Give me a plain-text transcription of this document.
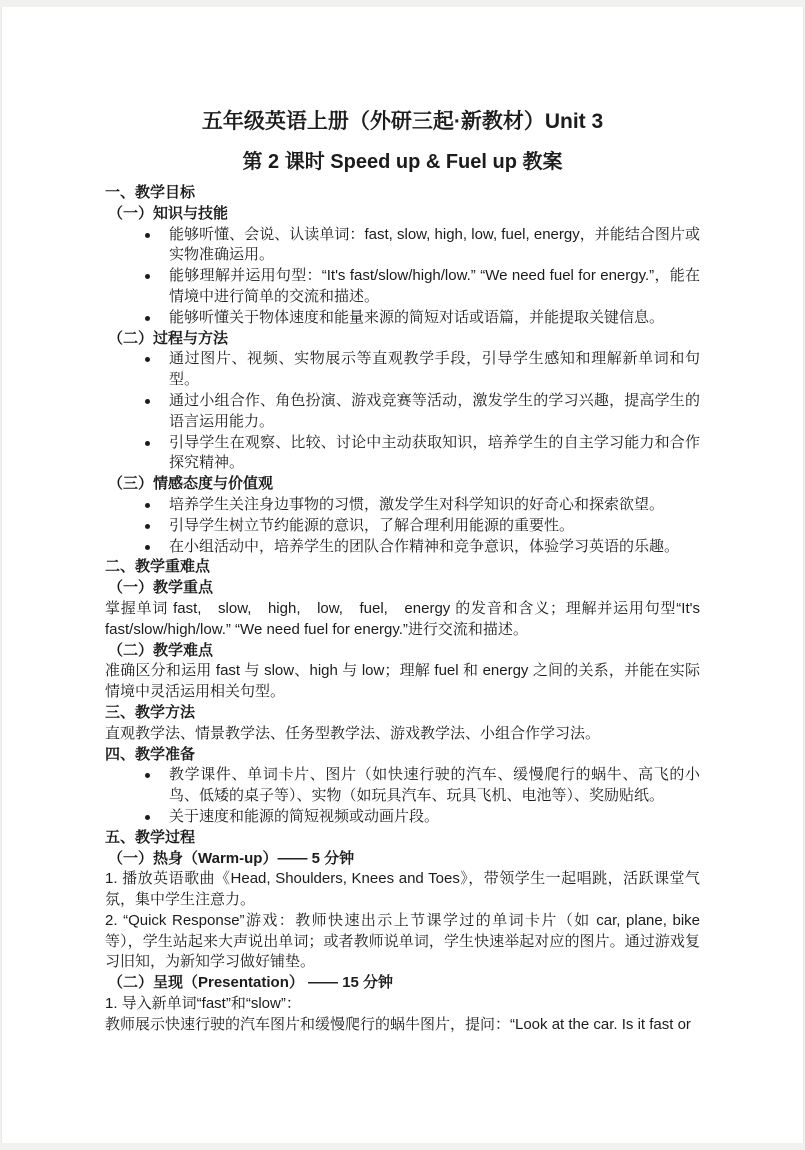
五年级英语上册（外研三起·新教材）Unit 3
第 2 课时 Speed up & Fuel up 教案
一、教学目标
（一）知识与技能
能够听懂、会说、认读单词：fast, slow, high, low, fuel, energy，并能结合图片或实物准确运用。
能够理解并运用句型：“It's fast/slow/high/low.” “We need fuel for energy.”，能在情境中进行简单的交流和描述。
能够听懂关于物体速度和能量来源的简短对话或语篇，并能提取关键信息。
（二）过程与方法
通过图片、视频、实物展示等直观教学手段，引导学生感知和理解新单词和句型。
通过小组合作、角色扮演、游戏竞赛等活动，激发学生的学习兴趣，提高学生的语言运用能力。
引导学生在观察、比较、讨论中主动获取知识，培养学生的自主学习能力和合作探究精神。
（三）情感态度与价值观
培养学生关注身边事物的习惯，激发学生对科学知识的好奇心和探索欲望。
引导学生树立节约能源的意识，了解合理利用能源的重要性。
在小组活动中，培养学生的团队合作精神和竞争意识，体验学习英语的乐趣。
二、教学重难点
（一）教学重点
掌握单词 fast,　slow,　high,　low,　fuel,　energy 的发音和含义；理解并运用句型“It's fast/slow/high/low.” “We need fuel for energy.”进行交流和描述。
（二）教学难点
准确区分和运用 fast 与 slow、high 与 low；理解 fuel 和 energy 之间的关系，并能在实际情境中灵活运用相关句型。
三、教学方法
直观教学法、情景教学法、任务型教学法、游戏教学法、小组合作学习法。
四、教学准备
教学课件、单词卡片、图片（如快速行驶的汽车、缓慢爬行的蜗牛、高飞的小鸟、低矮的桌子等）、实物（如玩具汽车、玩具飞机、电池等）、奖励贴纸。
关于速度和能源的简短视频或动画片段。
五、教学过程
（一）热身（Warm-up）—— 5 分钟
1. 播放英语歌曲《Head, Shoulders, Knees and Toes》，带领学生一起唱跳，活跃课堂气氛，集中学生注意力。
2. “Quick Response”游戏：教师快速出示上节课学过的单词卡片（如 car, plane, bike 等），学生站起来大声说出单词；或者教师说单词，学生快速举起对应的图片。通过游戏复习旧知，为新知学习做好铺垫。
（二）呈现（Presentation） —— 15 分钟
1. 导入新单词“fast”和“slow”：
教师展示快速行驶的汽车图片和缓慢爬行的蜗牛图片，提问：“Look at the car. Is it fast or
